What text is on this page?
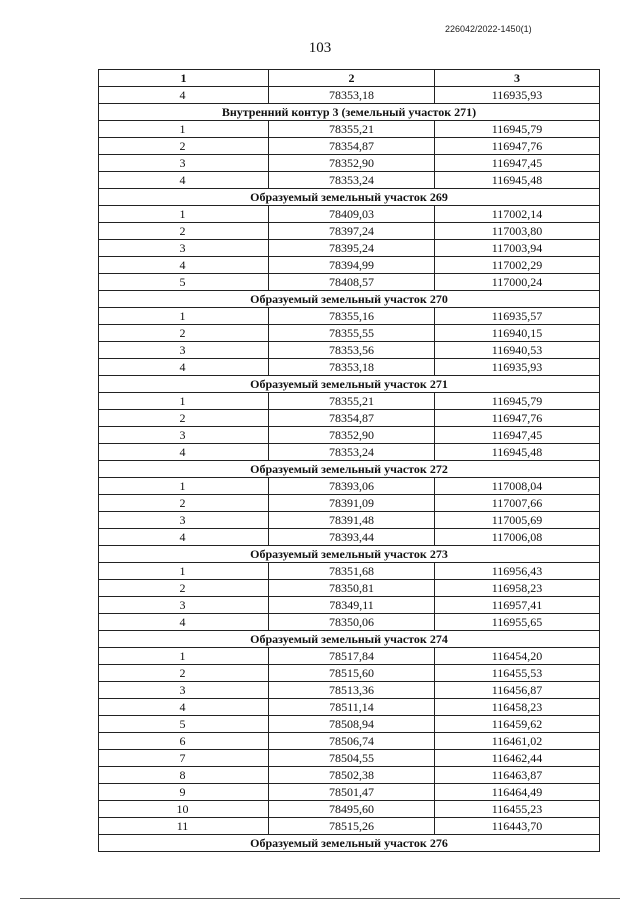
226042/2022-1450(1)
103
1	2	3
4	78353,18	116935,93
Внутренний контур 3 (земельный участок 271)		
1	78355,21	116945,79
2	78354,87	116947,76
3	78352,90	116947,45
4	78353,24	116945,48
Образуемый земельный участок 269		
1	78409,03	117002,14
2	78397,24	117003,80
3	78395,24	117003,94
4	78394,99	117002,29
5	78408,57	117000,24
Образуемый земельный участок 270		
1	78355,16	116935,57
2	78355,55	116940,15
3	78353,56	116940,53
4	78353,18	116935,93
Образуемый земельный участок 271		
1	78355,21	116945,79
2	78354,87	116947,76
3	78352,90	116947,45
4	78353,24	116945,48
Образуемый земельный участок 272		
1	78393,06	117008,04
2	78391,09	117007,66
3	78391,48	117005,69
4	78393,44	117006,08
Образуемый земельный участок 273		
1	78351,68	116956,43
2	78350,81	116958,23
3	78349,11	116957,41
4	78350,06	116955,65
Образуемый земельный участок 274		
1	78517,84	116454,20
2	78515,60	116455,53
3	78513,36	116456,87
4	78511,14	116458,23
5	78508,94	116459,62
6	78506,74	116461,02
7	78504,55	116462,44
8	78502,38	116463,87
9	78501,47	116464,49
10	78495,60	116455,23
11	78515,26	116443,70
Образуемый земельный участок 276		
